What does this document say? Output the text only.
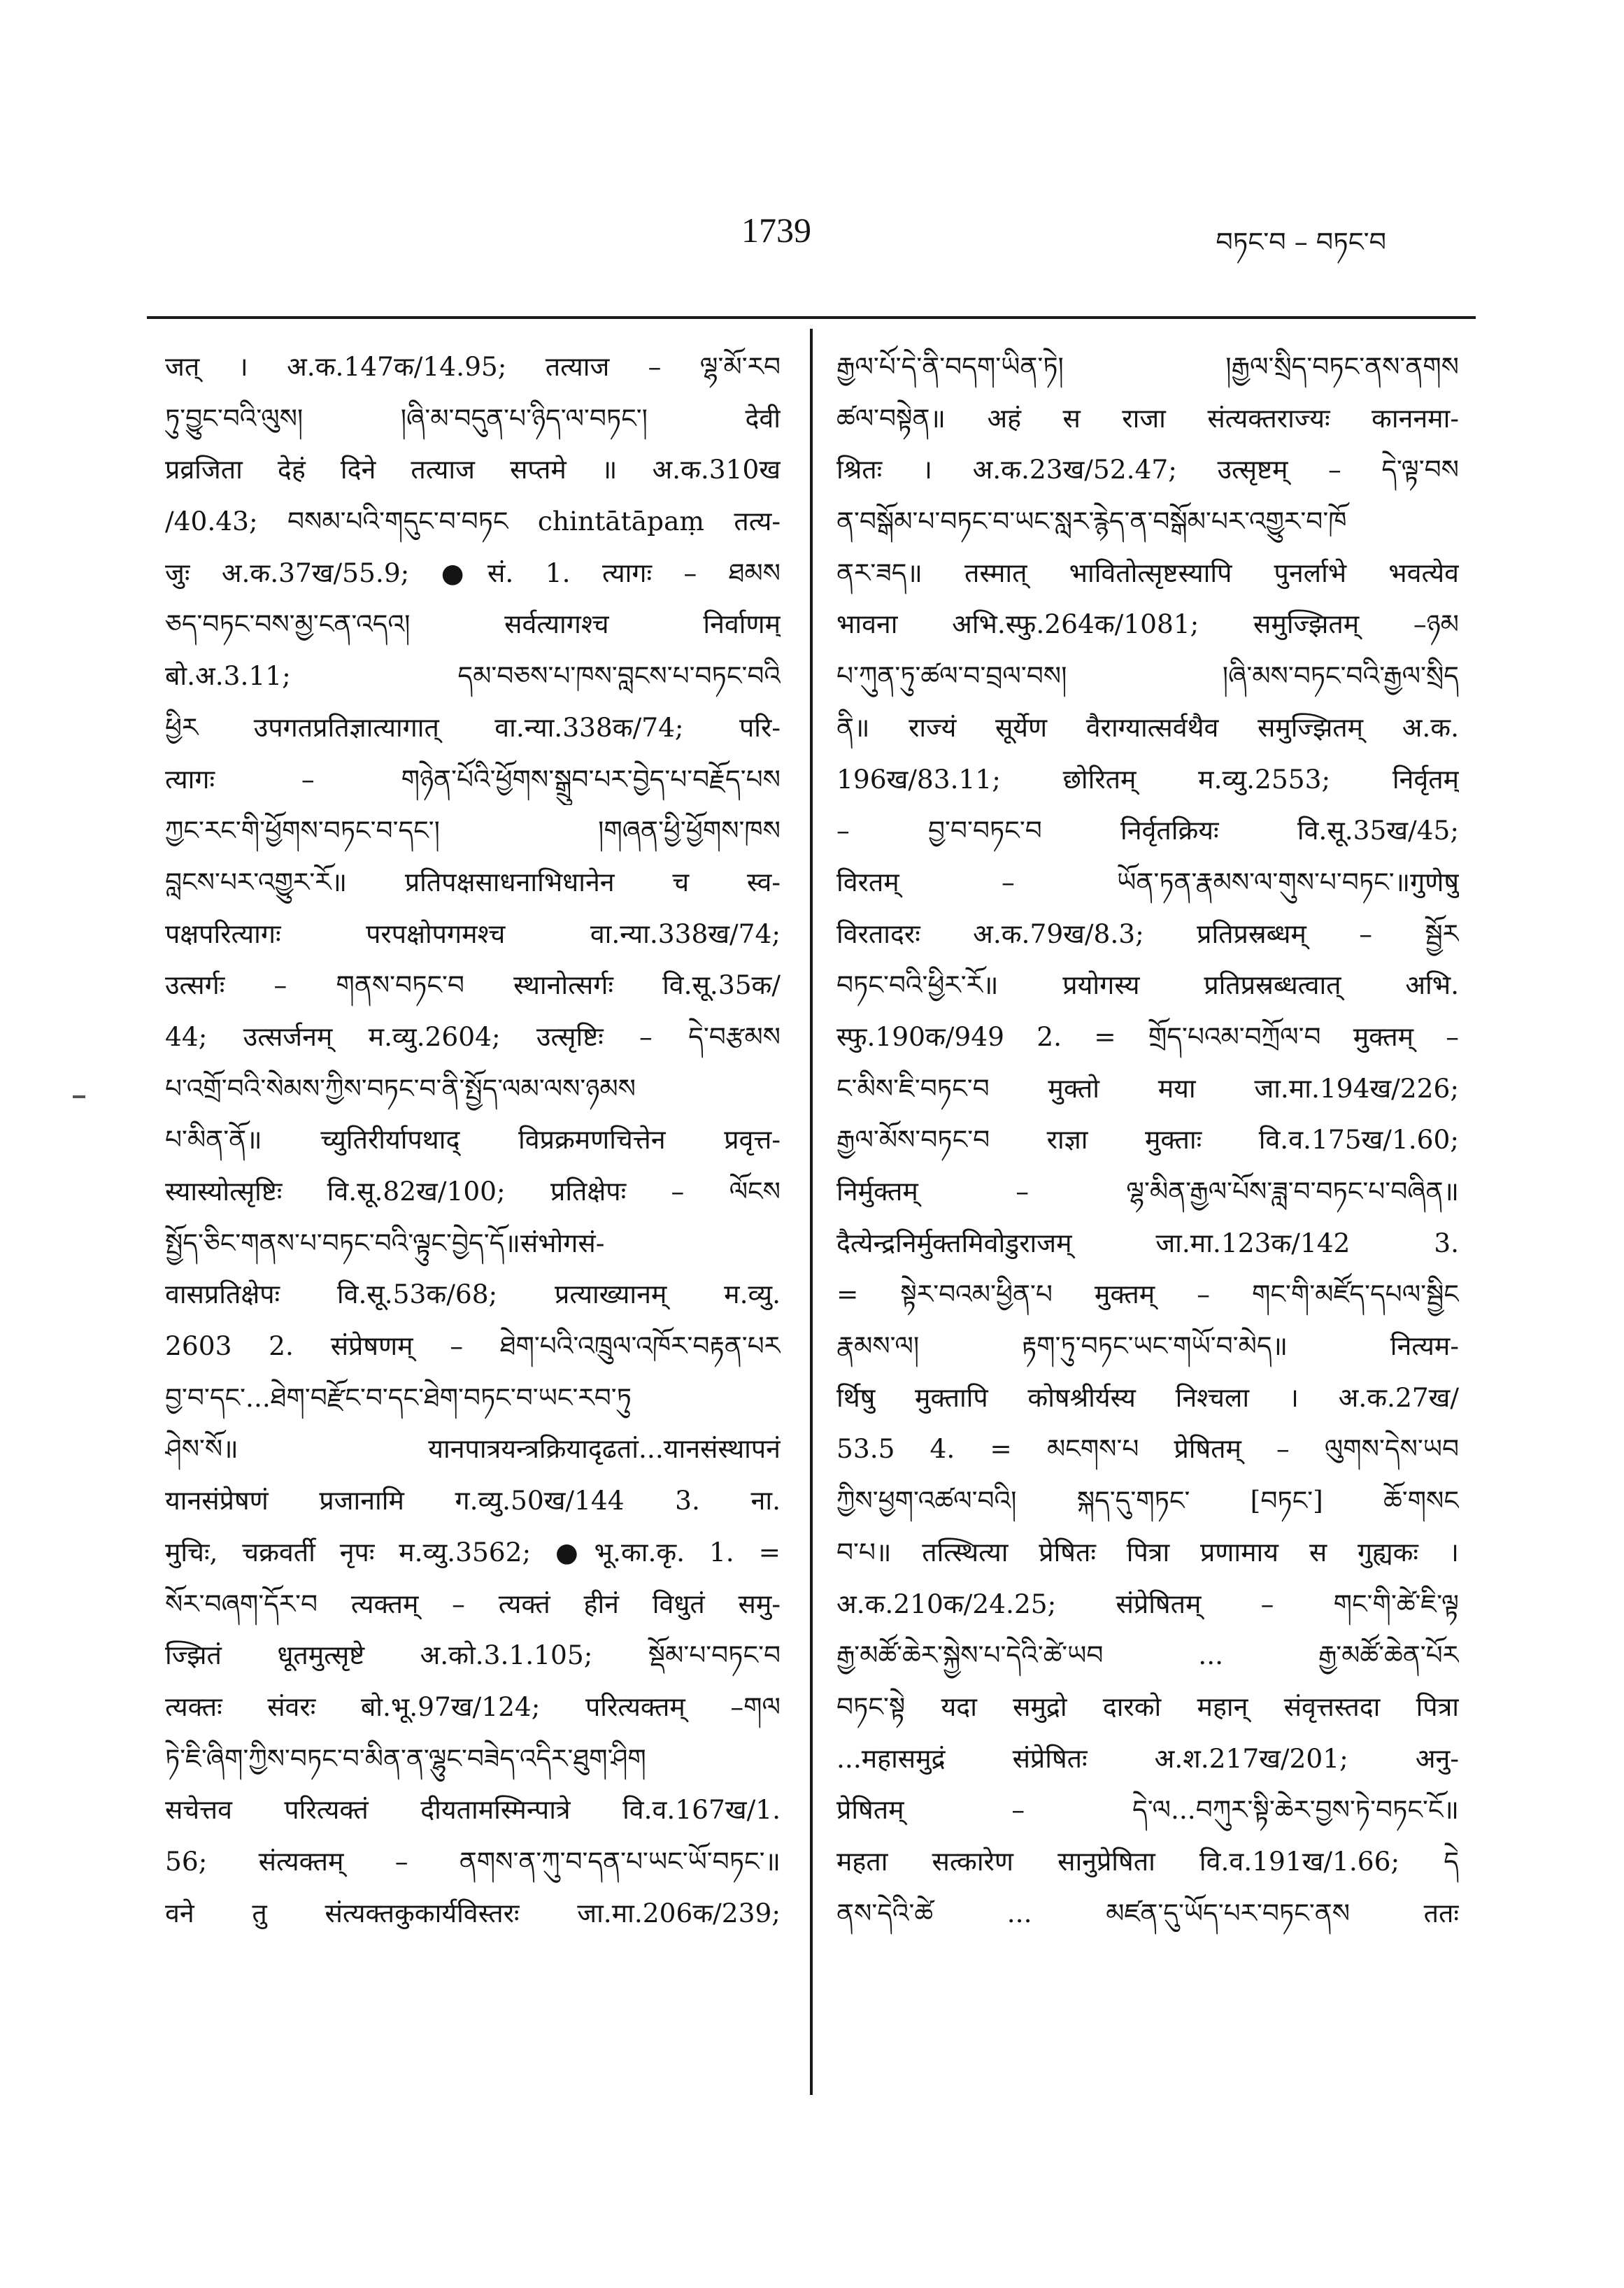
1739	བཏང་བ – བཏང་བ
जत् । अ.क.147क/14.95; तत्याज – ལྷ་མོ་རབ
ཏུ་བྱུང་བའི་ལུས། །ཞི་མ་བདུན་པ་ཉིད་ལ་བཏང་། देवी
प्रव्रजिता देहं दिने तत्याज सप्तमे ॥ अ.क.310ख
/40.43; བསམ་པའི་གདུང་བ་བཏང chintātāpaṃ तत्य-
जुः अ.क.37ख/55.9; ●सं. 1. त्यागः – ཐམས
ཅད་བཏང་བས་མྱ་ངན་འདའ། सर्वत्यागश्च निर्वाणम्
बो.अ.3.11; དམ་བཅས་པ་ཁས་བླངས་པ་བཏང་བའི
ཕྱིར उपगतप्रतिज्ञात्यागात् वा.न्या.338क/74; परि-
त्यागः – གཉེན་པོའི་ཕྱོགས་སྒྲུབ་པར་བྱེད་པ་བརྗོད་པས
ཀྱང་རང་གི་ཕྱོགས་བཏང་བ་དང་། །གཞན་ཕྱི་ཕྱོགས་ཁས
བླངས་པར་འགྱུར་རོ॥ प्रतिपक्षसाधनाभिधानेन च स्व-
पक्षपरित्यागः परपक्षोपगमश्च वा.न्या.338ख/74;
उत्सर्गः – གནས་བཏང་བ स्थानोत्सर्गः वि.सू.35क/
44; उत्सर्जनम् म.व्यु.2604; उत्सृष्टिः – དེ་བརྩམས
པ་འགྲོ་བའི་སེམས་ཀྱིས་བཏང་བ་ནི་སྤྱོད་ལམ་ལས་ཉམས
པ་མིན་ནོ॥ च्युतिरीर्यापथाद् विप्रक्रमणचित्तेन प्रवृत्त-
स्यास्योत्सृष्टिः वि.सू.82ख/100; प्रतिक्षेपः – ལོངས
སྤྱོད་ཅིང་གནས་པ་བཏང་བའི་ལྟུང་བྱེད་དོ॥संभोगसं-
वासप्रतिक्षेपः वि.सू.53क/68; प्रत्याख्यानम् म.व्यु.
2603 2. संप्रेषणम् – ཐེག་པའི་འཁྲུལ་འཁོར་བརྟན་པར
བྱ་བ་དང་...ཐེག་བརྫོང་བ་དང་ཐེག་བཏང་བ་ཡང་རབ་ཏུ
ཤེས་སོ॥ यानपात्रयन्त्रक्रियादृढतां...यानसंस्थापनं
यानसंप्रेषणं प्रजानामि ग.व्यु.50ख/144 3. ना.
मुचिः, चक्रवर्ती नृपः म.व्यु.3562; ●भू.का.कृ. 1. =
སོར་བཞག་དོར་བ त्यक्तम् – त्यक्तं हीनं विधुतं समु-
ज्झितं धूतमुत्सृष्टे अ.को.3.1.105; སྡོམ་པ་བཏང་བ
त्यक्तः संवरः बो.भू.97ख/124; परित्यक्तम् –གལ
ཏེ་ཇི་ཞིག་ཀྱིས་བཏང་བ་མིན་ན་ལྷུང་བཟེད་འདིར་ཐུག་ཤིག
सचेत्तव परित्यक्तं दीयतामस्मिन्पात्रे वि.व.167ख/1.
56; संत्यक्तम् – ནགས་ན་ཀུ་བ་དན་པ་ཡང་ཡོ་བཏང་॥
वने तु संत्यक्तकुकार्यविस्तरः जा.मा.206क/239;
རྒྱལ་པོ་དེ་ནི་བདག་ཡིན་ཏེ། །རྒྱལ་སྲིད་བཏང་ནས་ནགས
ཚལ་བསྟེན॥ अहं स राजा संत्यक्तराज्यः काननमा-
श्रितः । अ.क.23ख/52.47; उत्सृष्टम् – དེ་ལྟ་བས
ན་བསྒོམ་པ་བཏང་བ་ཡང་སླར་རྙེད་ན་བསྒོམ་པར་འགྱུར་བ་ཁོ
ནར་ཟད॥ तस्मात् भावितोत्सृष्टस्यापि पुनर्लाभे भवत्येव
भावना अभि.स्फु.264क/1081; समुज्झितम् –ཉམ
པ་ཀུན་ཏུ་ཚལ་བ་བྲལ་བས། །ཞི་མས་བཏང་བའི་རྒྱལ་སྲིད
ནི॥ राज्यं सूर्येण वैराग्यात्सर्वथैव समुज्झितम् अ.क.
196ख/83.11; छोरितम् म.व्यु.2553; निर्वृतम्
– བྱ་བ་བཏང་བ निर्वृतक्रियः वि.सू.35ख/45;
विरतम् – ཡོན་ཏན་རྣམས་ལ་གུས་པ་བཏང་॥गुणेषु
विरतादरः अ.क.79ख/8.3; प्रतिप्रस्रब्धम् – སྦྱོར
བཏང་བའི་ཕྱིར་རོ॥ प्रयोगस्य प्रतिप्रस्रब्धत्वात् अभि.
स्फु.190क/949 2. = གྲོད་པའམ་བཀྲོལ་བ मुक्तम् –
ང་མིས་ཇི་བཏང་བ मुक्तो मया जा.मा.194ख/226;
རྒྱལ་མོས་བཏང་བ राज्ञा मुक्ताः वि.व.175ख/1.60;
निर्मुक्तम् – ལྷ་མིན་རྒྱལ་པོས་ཟླ་བ་བཏང་པ་བཞིན॥
दैत्येन्द्रनिर्मुक्तमिवोडुराजम् जा.मा.123क/142 3.
= སྟེར་བའམ་ཕྱིན་པ मुक्तम् – གང་གི་མཛོད་དཔལ་སྦྱིང
རྣམས་ལ། རྟག་ཏུ་བཏང་ཡང་གཡོ་བ་མེད॥ नित्यम-
र्थिषु मुक्तापि कोषश्रीर्यस्य निश्चला । अ.क.27ख/
53.5 4. = མངགས་པ प्रेषितम् – ལུགས་དེས་ཡབ
ཀྱིས་ཕྱག་འཚལ་བའི། སྐད་དུ་གཏང་ [བཏང་] ཆོ་གསང
བ་པ॥ तत्स्थित्या प्रेषितः पित्रा प्रणामाय स गुह्यकः ।
अ.क.210क/24.25; संप्रेषितम् – གང་གི་ཚེ་ཇི་ལྟ
རྒྱ་མཚོ་ཆེར་སྐྱེས་པ་དེའི་ཚེ་ཡབ ... རྒྱ་མཚོ་ཆེན་པོར
བཏང་སྟེ यदा समुद्रो दारको महान् संवृत्तस्तदा पित्रा
...महासमुद्रं संप्रेषितः अ.श.217ख/201; अनु-
प्रेषितम् – དེ་ལ...བཀུར་སྟི་ཆེར་བྱས་ཏེ་བཏང་ངོ॥
महता सत्कारेण सानुप्रेषिता वि.व.191ख/1.66; དེ
ནས་དེའི་ཚེ ... མཛན་དུ་ཡོད་པར་བཏང་ནས ततः
